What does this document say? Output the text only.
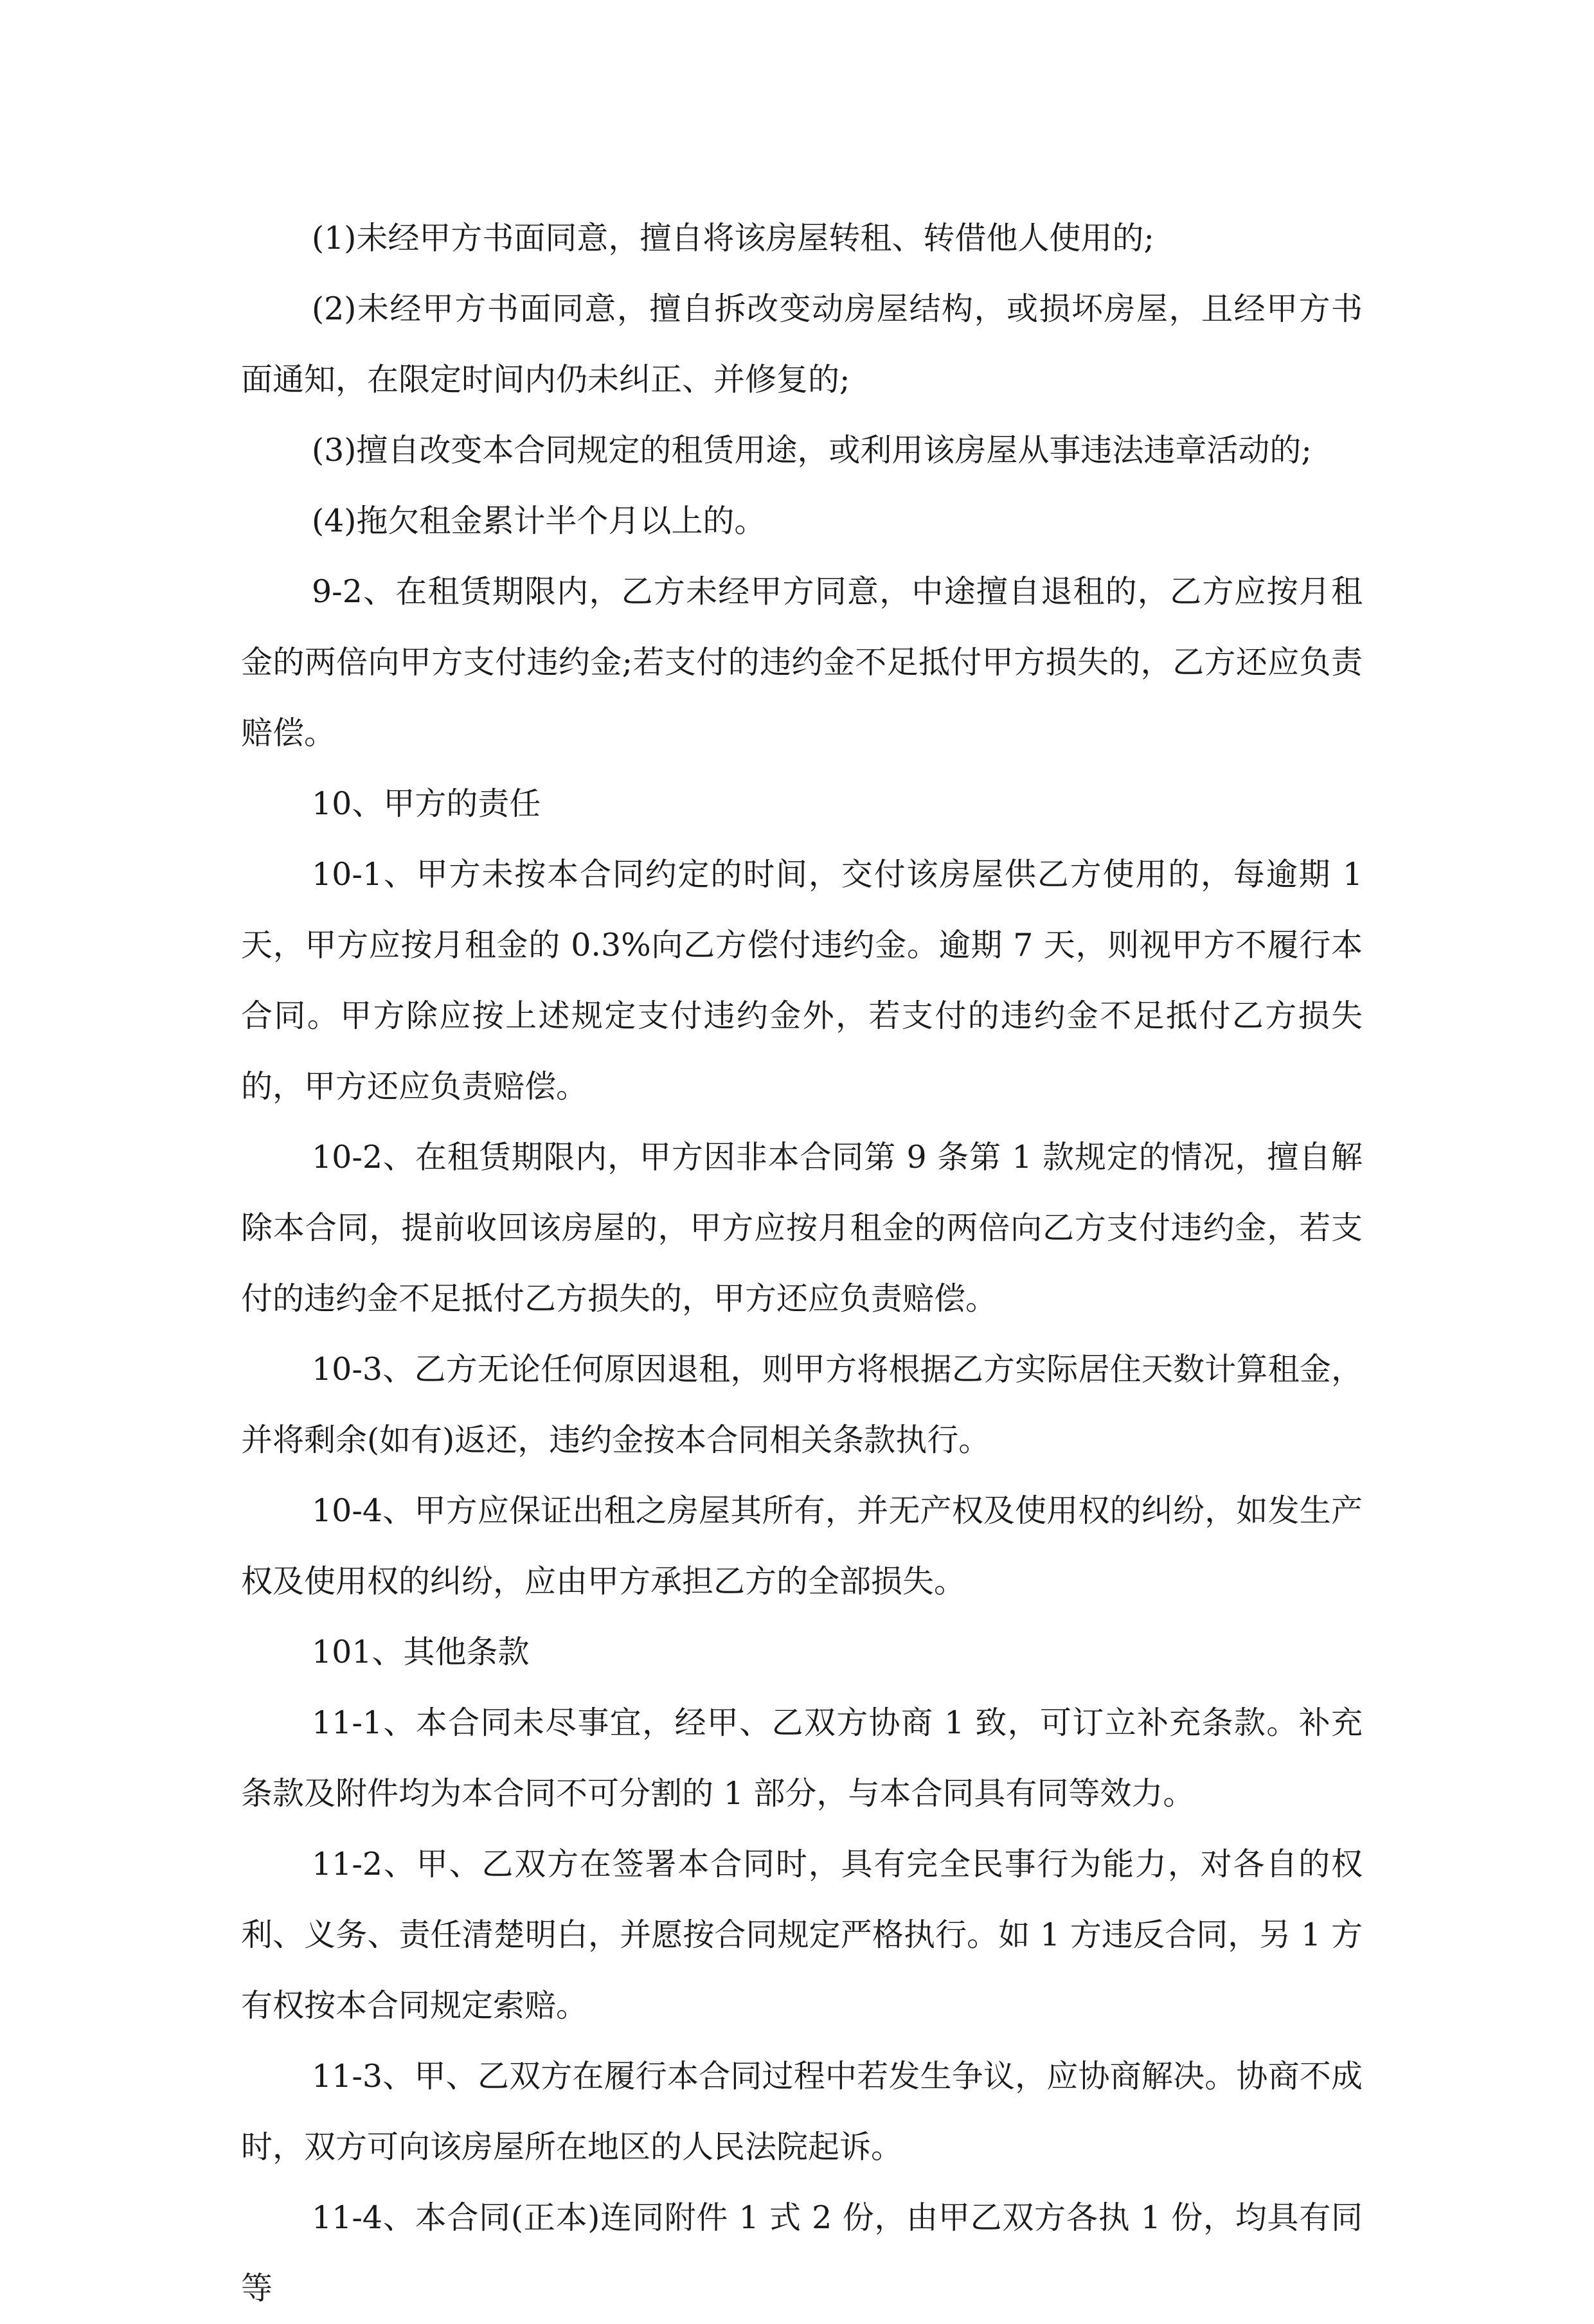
(1)未经甲方书面同意，擅自将该房屋转租、转借他人使用的;

(2)未经甲方书面同意，擅自拆改变动房屋结构，或损坏房屋，且经甲方书面通知，在限定时间内仍未纠正、并修复的;

(3)擅自改变本合同规定的租赁用途，或利用该房屋从事违法违章活动的;

(4)拖欠租金累计半个月以上的。

9-2、在租赁期限内，乙方未经甲方同意，中途擅自退租的，乙方应按月租金的两倍向甲方支付违约金;若支付的违约金不足抵付甲方损失的，乙方还应负责赔偿。

10、甲方的责任

10-1、甲方未按本合同约定的时间，交付该房屋供乙方使用的，每逾期 1 天，甲方应按月租金的 0.3%向乙方偿付违约金。逾期 7 天，则视甲方不履行本合同。甲方除应按上述规定支付违约金外，若支付的违约金不足抵付乙方损失的，甲方还应负责赔偿。

10-2、在租赁期限内，甲方因非本合同第 9 条第 1 款规定的情况，擅自解除本合同，提前收回该房屋的，甲方应按月租金的两倍向乙方支付违约金，若支付的违约金不足抵付乙方损失的，甲方还应负责赔偿。

10-3、乙方无论任何原因退租，则甲方将根据乙方实际居住天数计算租金，并将剩余(如有)返还，违约金按本合同相关条款执行。

10-4、甲方应保证出租之房屋其所有，并无产权及使用权的纠纷，如发生产权及使用权的纠纷，应由甲方承担乙方的全部损失。

101、其他条款

11-1、本合同未尽事宜，经甲、乙双方协商 1 致，可订立补充条款。补充条款及附件均为本合同不可分割的 1 部分，与本合同具有同等效力。

11-2、甲、乙双方在签署本合同时，具有完全民事行为能力，对各自的权利、义务、责任清楚明白，并愿按合同规定严格执行。如 1 方违反合同，另 1 方有权按本合同规定索赔。

11-3、甲、乙双方在履行本合同过程中若发生争议，应协商解决。协商不成时，双方可向该房屋所在地区的人民法院起诉。

11-4、本合同(正本)连同附件 1 式 2 份，由甲乙双方各执 1 份，均具有同等
